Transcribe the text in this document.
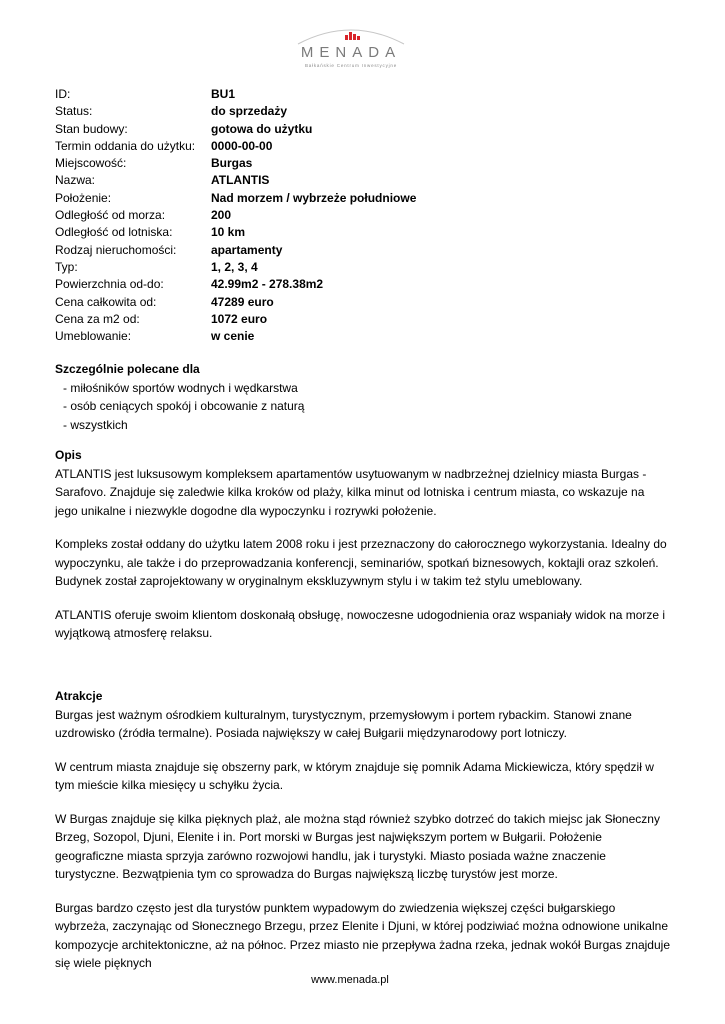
MENADA
Bałkańskie Centrum Inwestycyjne
ID:	BU1
Status:	do sprzedaży
Stan budowy:	gotowa do użytku
Termin oddania do użytku:	0000-00-00
Miejscowość:	Burgas
Nazwa:	ATLANTIS
Położenie:	Nad morzem / wybrzeże południowe
Odległość od morza:	200
Odległość od lotniska:	10 km
Rodzaj nieruchomości:	apartamenty
Typ:	1, 2, 3, 4
Powierzchnia od-do:	42.99m2 - 278.38m2
Cena całkowita od:	47289 euro
Cena za m2 od:	1072 euro
Umeblowanie:	w cenie
Szczególnie polecane dla
- miłośników sportów wodnych i wędkarstwa
- osób ceniących spokój i obcowanie z naturą
- wszystkich
Opis

ATLANTIS jest luksusowym kompleksem apartamentów usytuowanym w nadbrzeżnej dzielnicy miasta Burgas - Sarafovo. Znajduje się zaledwie kilka kroków od plaży, kilka minut od lotniska i centrum miasta, co wskazuje na jego unikalne i niezwykle dogodne dla wypoczynku i rozrywki położenie.

Kompleks został oddany do użytku latem 2008 roku i jest przeznaczony do całorocznego wykorzystania. Idealny do wypoczynku, ale także i do przeprowadzania konferencji, seminariów, spotkań biznesowych, koktajli oraz szkoleń. Budynek został zaprojektowany w oryginalnym ekskluzywnym stylu i w takim też stylu umeblowany.

ATLANTIS oferuje swoim klientom doskonałą obsługę, nowoczesne udogodnienia oraz wspaniały widok na morze i wyjątkową atmosferę relaksu.

Atrakcje

Burgas jest ważnym ośrodkiem kulturalnym, turystycznym, przemysłowym i portem rybackim. Stanowi znane uzdrowisko (źródła termalne). Posiada największy w całej Bułgarii międzynarodowy port lotniczy.

W centrum miasta znajduje się obszerny park, w którym znajduje się pomnik Adama Mickiewicza, który spędził w tym mieście kilka miesięcy u schyłku życia.

W Burgas znajduje się kilka pięknych plaż, ale można stąd również szybko dotrzeć do takich miejsc jak Słoneczny Brzeg, Sozopol, Djuni, Elenite i in. Port morski w Burgas jest największym portem w Bułgarii. Położenie geograficzne miasta sprzyja zarówno rozwojowi handlu, jak i turystyki. Miasto posiada ważne znaczenie turystyczne. Bezwątpienia tym co sprowadza do Burgas największą liczbę turystów jest morze.

Burgas bardzo często jest dla turystów punktem wypadowym do zwiedzenia większej części bułgarskiego wybrzeża, zaczynając od Słonecznego Brzegu, przez Elenite i Djuni, w której podziwiać można odnowione unikalne kompozycje architektoniczne, aż na północ. Przez miasto nie przepływa żadna rzeka, jednak wokół Burgas znajduje się wiele pięknych

www.menada.pl
